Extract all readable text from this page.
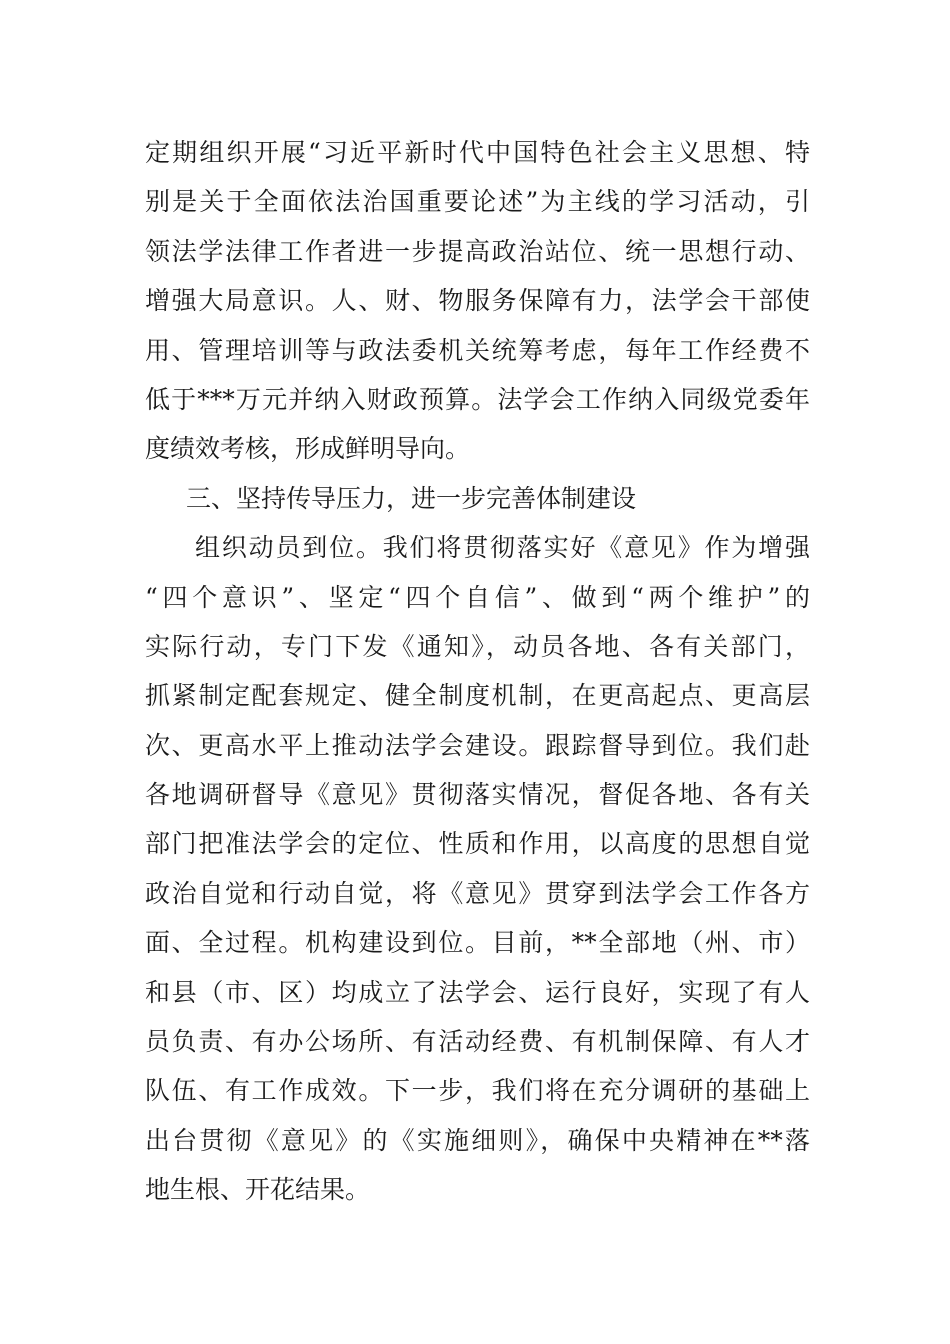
定期组织开展“习近平新时代中国特色社会主义思想、特
别是关于全面依法治国重要论述”为主线的学习活动，引
领法学法律工作者进一步提高政治站位、统一思想行动、
增强大局意识。人、财、物服务保障有力，法学会干部使
用、管理培训等与政法委机关统筹考虑，每年工作经费不
低于***万元并纳入财政预算。法学会工作纳入同级党委年
度绩效考核，形成鲜明导向。
三、坚持传导压力，进一步完善体制建设
组织动员到位。我们将贯彻落实好《意见》作为增强
“四个意识”、坚定“四个自信”、做到“两个维护”的
实际行动，专门下发《通知》，动员各地、各有关部门，
抓紧制定配套规定、健全制度机制，在更高起点、更高层
次、更高水平上推动法学会建设。跟踪督导到位。我们赴
各地调研督导《意见》贯彻落实情况，督促各地、各有关
部门把准法学会的定位、性质和作用，以高度的思想自觉
政治自觉和行动自觉，将《意见》贯穿到法学会工作各方
面、全过程。机构建设到位。目前，**全部地（州、市）
和县（市、区）均成立了法学会、运行良好，实现了有人
员负责、有办公场所、有活动经费、有机制保障、有人才
队伍、有工作成效。下一步，我们将在充分调研的基础上
出台贯彻《意见》的《实施细则》，确保中央精神在**落
地生根、开花结果。
